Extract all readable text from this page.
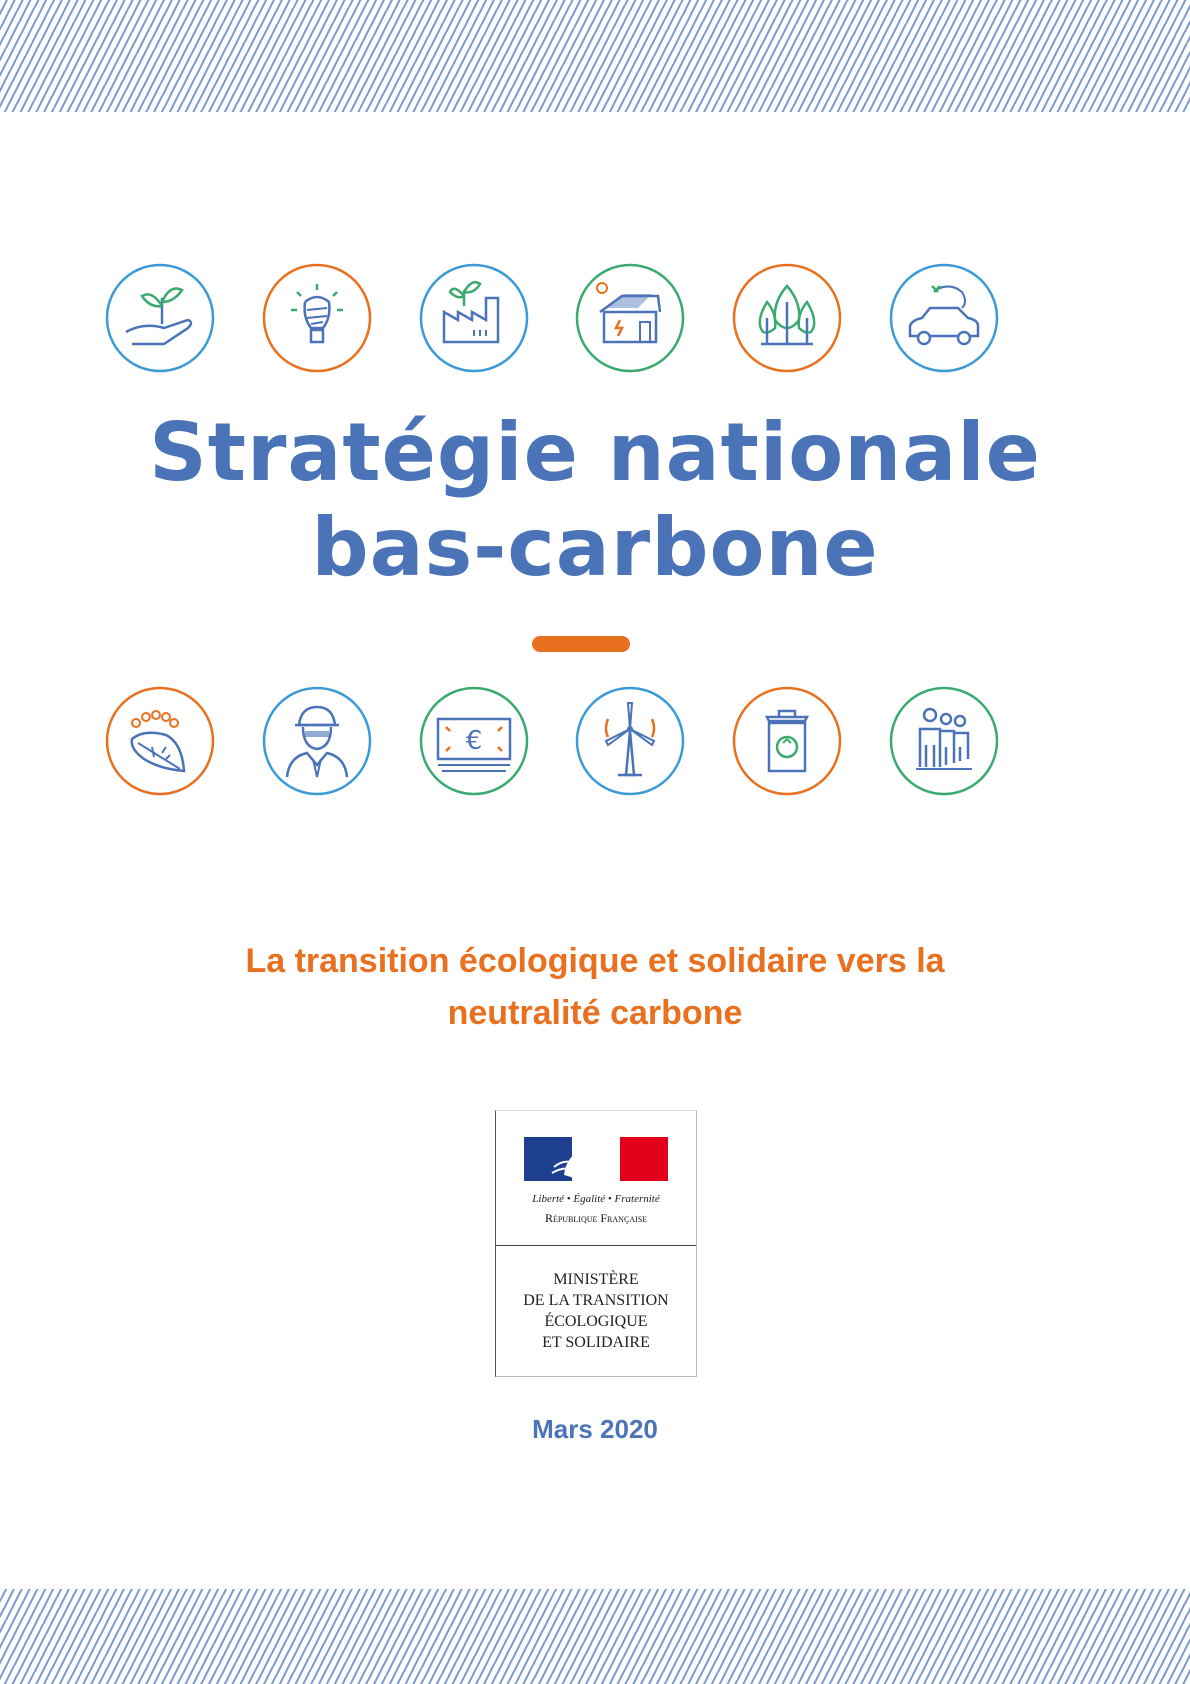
Stratégie nationale
bas-carbone
€
La transition écologique et solidaire vers la
neutralité carbone
Liberté • Égalité • Fraternité
République Française
MINISTÈRE
DE LA TRANSITION
ÉCOLOGIQUE
ET SOLIDAIRE
Mars 2020
